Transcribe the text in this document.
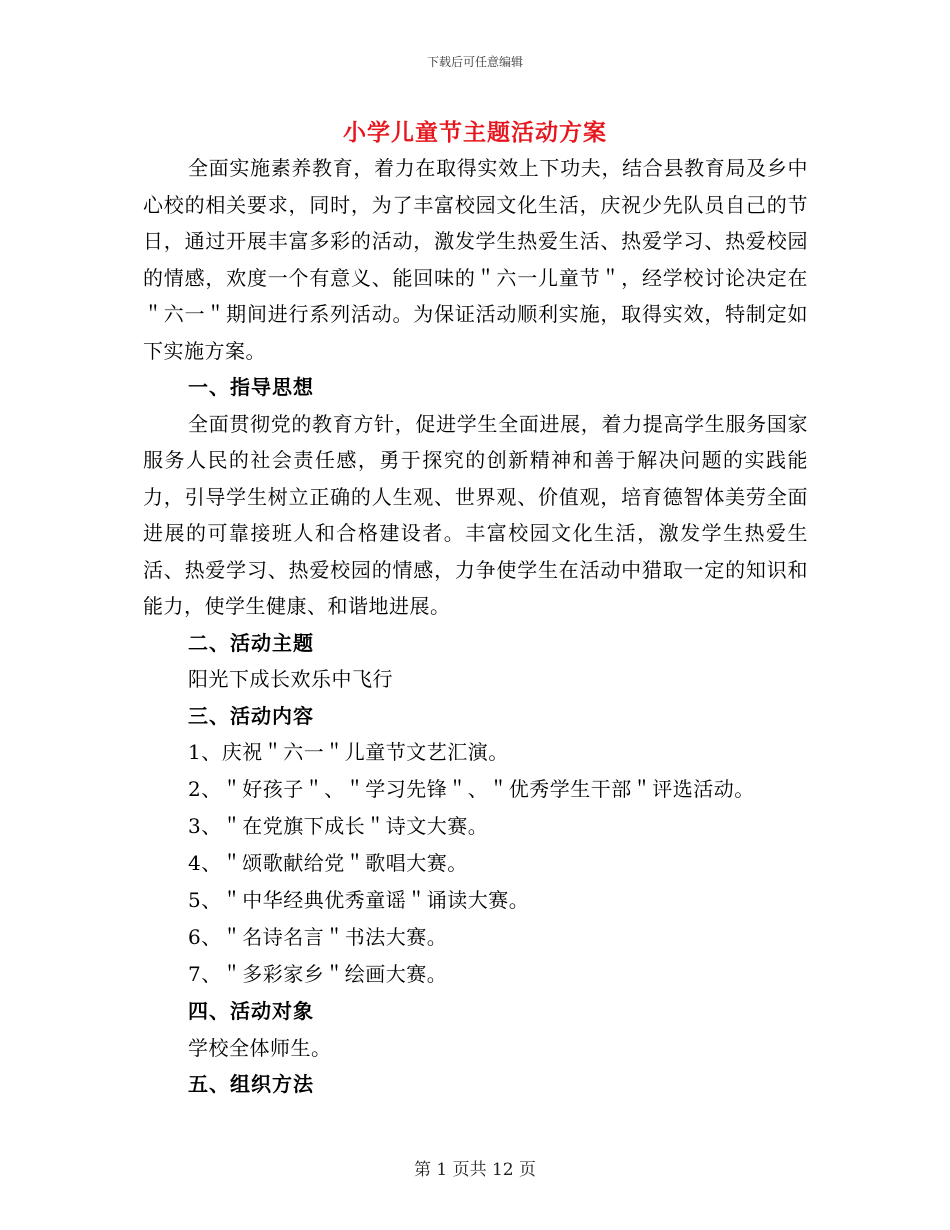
下载后可任意编辑
小学儿童节主题活动方案

全面实施素养教育，着力在取得实效上下功夫，结合县教育局及乡中心校的相关要求，同时，为了丰富校园文化生活，庆祝少先队员自己的节日，通过开展丰富多彩的活动，激发学生热爱生活、热爱学习、热爱校园的情感，欢度一个有意义、能回味的＂六一儿童节＂，经学校讨论决定在＂六一＂期间进行系列活动。为保证活动顺利实施，取得实效，特制定如下实施方案。

一、指导思想

全面贯彻党的教育方针，促进学生全面进展，着力提高学生服务国家服务人民的社会责任感，勇于探究的创新精神和善于解决问题的实践能力，引导学生树立正确的人生观、世界观、价值观，培育德智体美劳全面进展的可靠接班人和合格建设者。丰富校园文化生活，激发学生热爱生活、热爱学习、热爱校园的情感，力争使学生在活动中猎取一定的知识和能力，使学生健康、和谐地进展。

二、活动主题

阳光下成长欢乐中飞行

三、活动内容

1、庆祝＂六一＂儿童节文艺汇演。

2、＂好孩子＂、＂学习先锋＂、＂优秀学生干部＂评选活动。

3、＂在党旗下成长＂诗文大赛。

4、＂颂歌献给党＂歌唱大赛。

5、＂中华经典优秀童谣＂诵读大赛。

6、＂名诗名言＂书法大赛。

7、＂多彩家乡＂绘画大赛。

四、活动对象

学校全体师生。

五、组织方法

第 1 页共 12 页
